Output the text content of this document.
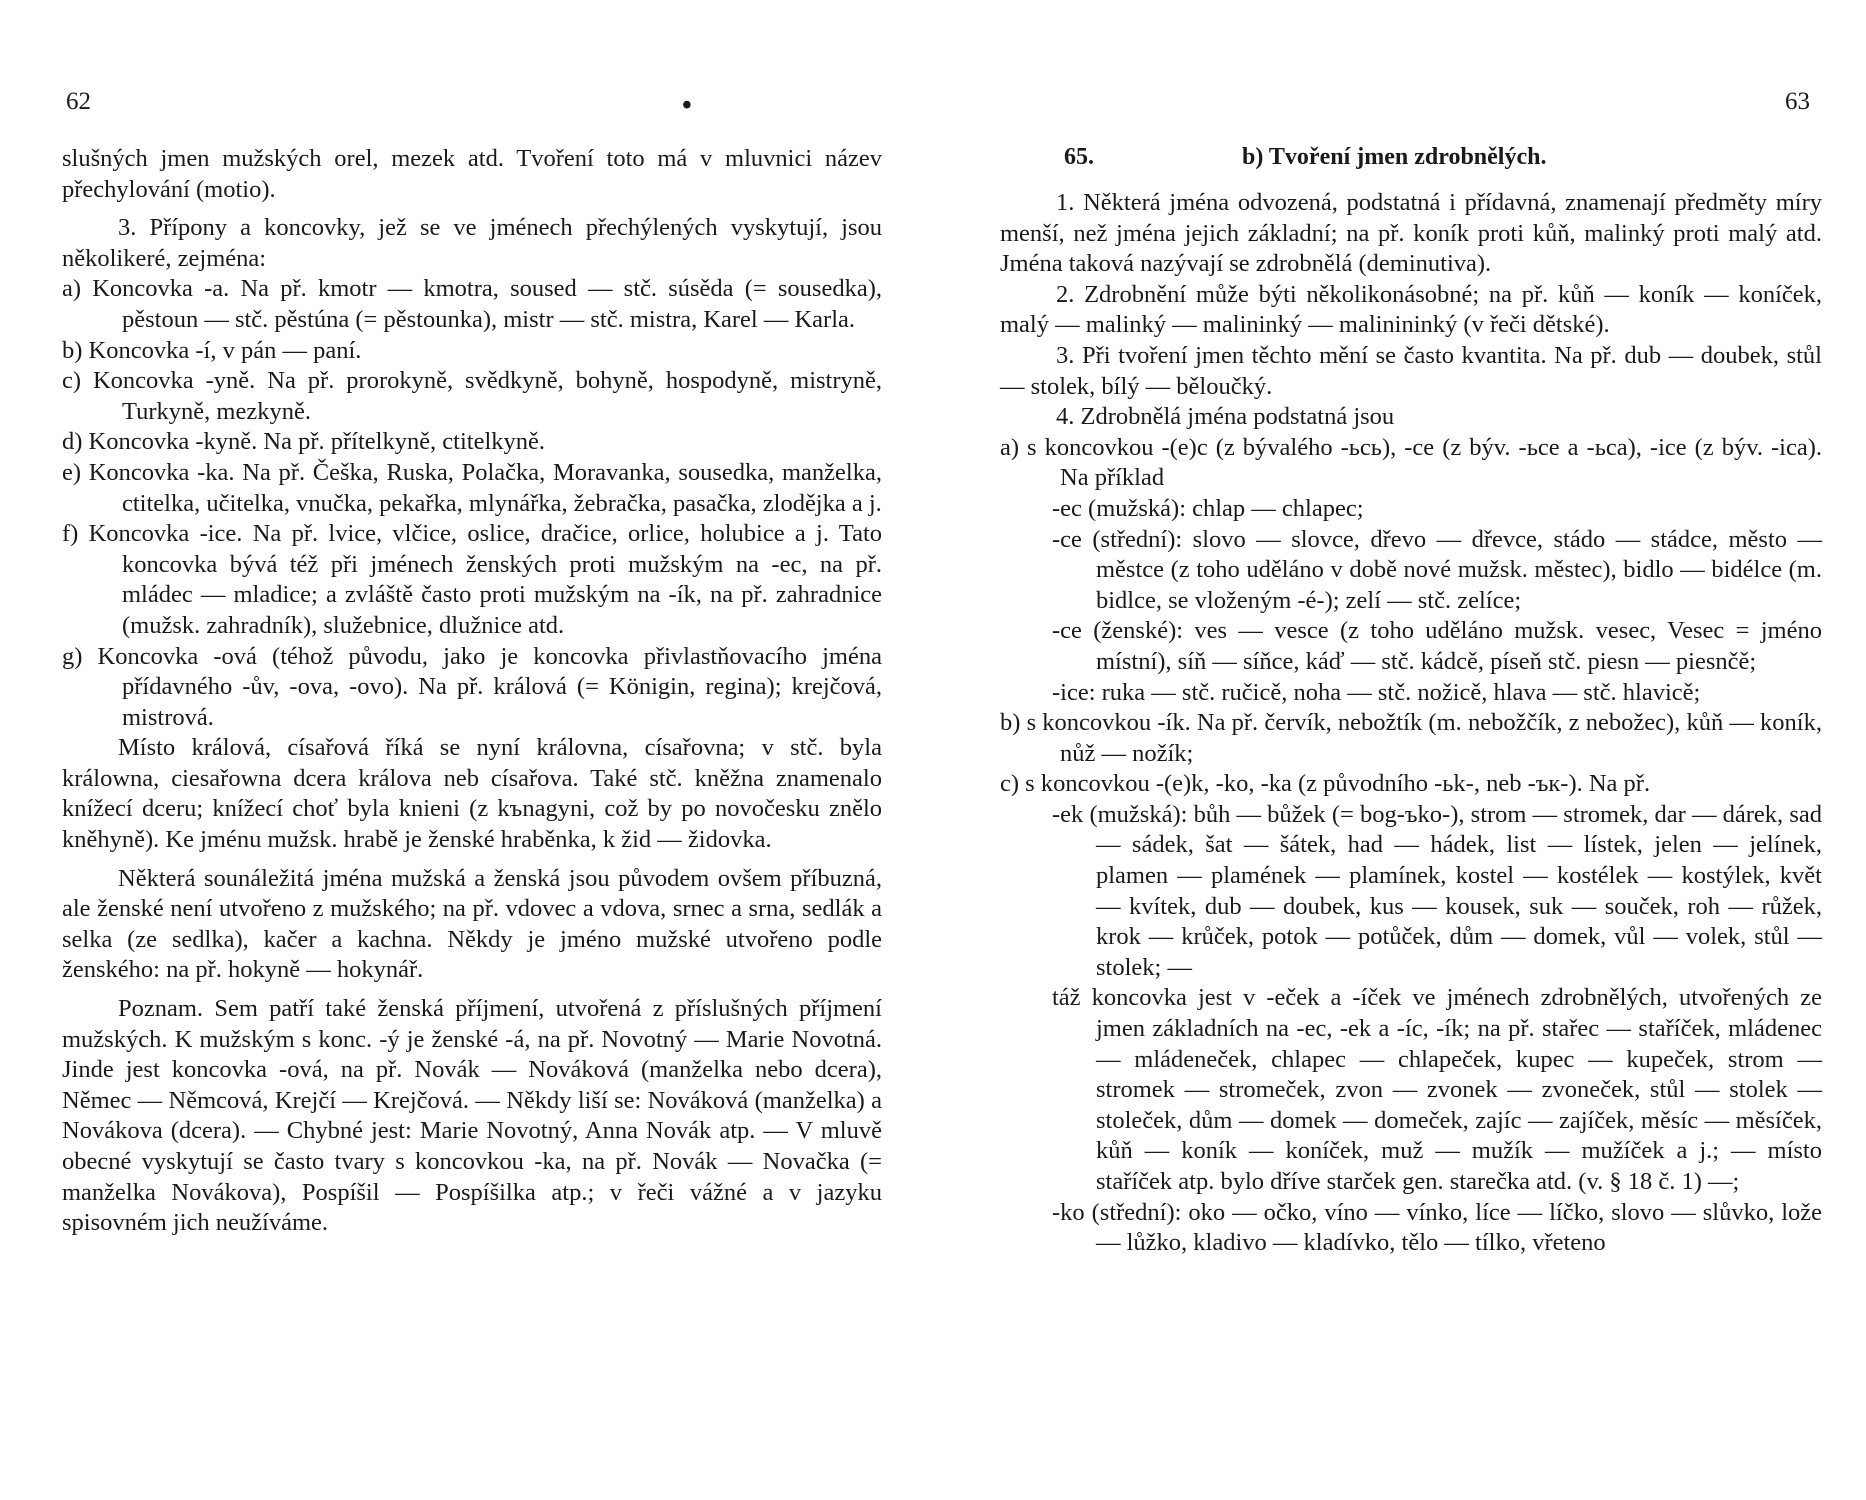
62	•

slušných jmen mužských orel, mezek atd. Tvoření toto má v mluvnici název přechylování (motio).

3. Přípony a koncovky, jež se ve jménech přechýlených vyskytují, jsou několikeré, zejména:

a) Koncovka -a. Na př. kmotr — kmotra, soused — stč. súsěda (= sousedka), pěstoun — stč. pěstúna (= pěstounka), mistr — stč. mistra, Karel — Karla.

b) Koncovka -í, v pán — paní.

c) Koncovka -yně. Na př. prorokyně, svědkyně, bohyně, hospodyně, mistryně, Turkyně, mezkyně.

d) Koncovka -kyně. Na př. přítelkyně, ctitelkyně.

e) Koncovka -ka. Na př. Češka, Ruska, Polačka, Moravanka, sousedka, manželka, ctitelka, učitelka, vnučka, pekařka, mlynářka, žebračka, pasačka, zlodějka a j.

f) Koncovka -ice. Na př. lvice, vlčice, oslice, dračice, orlice, holubice a j. Tato koncovka bývá též při jménech ženských proti mužským na -ec, na př. mládec — mladice; a zvláště často proti mužským na -ík, na př. zahradnice (mužsk. zahradník), služebnice, dlužnice atd.

g) Koncovka -ová (téhož původu, jako je koncovka přivlastňovacího jména přídavného -ův, -ova, -ovo). Na př. králová (= Königin, regina); krejčová, mistrová.

Místo králová, císařová říká se nyní královna, císařovna; v stč. byla králowna, ciesařowna dcera králova neb císařova. Také stč. kněžna znamenalo knížecí dceru; knížecí choť byla knieni (z kъnagyni, což by po novočesku znělo kněhyně). Ke jménu mužsk. hrabě je ženské hraběnka, k žid — židovka.

Některá sounáležitá jména mužská a ženská jsou původem ovšem příbuzná, ale ženské není utvořeno z mužského; na př. vdovec a vdova, srnec a srna, sedlák a selka (ze sedlka), kačer a kachna. Někdy je jméno mužské utvořeno podle ženského: na př. hokyně — hokynář.

Poznam. Sem patří také ženská příjmení, utvořená z příslušných příjmení mužských. K mužským s konc. -ý je ženské -á, na př. Novotný — Marie Novotná. Jinde jest koncovka -ová, na př. Novák — Nováková (manželka nebo dcera), Němec — Němcová, Krejčí — Krejčová. — Někdy liší se: Nováková (manželka) a Novákova (dcera). — Chybné jest: Marie Novotný, Anna Novák atp. — V mluvě obecné vyskytují se často tvary s koncovkou -ka, na př. Novák — Novačka (= manželka Novákova), Pospíšil — Pospíšilka atp.; v řeči vážné a v jazyku spisovném jich neužíváme.

63
65.	b) Tvoření jmen zdrobnělých.

1. Některá jména odvozená, podstatná i přídavná, znamenají předměty míry menší, než jména jejich základní; na př. koník proti kůň, malinký proti malý atd. Jména taková nazývají se zdrobnělá (deminutiva).

2. Zdrobnění může býti několikonásobné; na př. kůň — koník — koníček, malý — malinký — malininký — malinininký (v řeči dětské).

3. Při tvoření jmen těchto mění se často kvantita. Na př. dub — doubek, stůl — stolek, bílý — běloučký.

4. Zdrobnělá jména podstatná jsou

a) s koncovkou -(e)c (z bývalého -ьcь), -ce (z býv. -ьce a -ьca), -ice (z býv. -ica). Na příklad

-ec (mužská): chlap — chlapec;

-ce (střední): slovo — slovce, dřevo — dřevce, stádo — stádce, město — městce (z toho uděláno v době nové mužsk. městec), bidlo — bidélce (m. bidlce, se vloženým -é-); zelí — stč. zelíce;

-ce (ženské): ves — vesce (z toho uděláno mužsk. vesec, Vesec = jméno místní), síň — síňce, káď — stč. kádcě, píseň stč. piesn — piesnčě;

-ice: ruka — stč. ručicě, noha — stč. nožicě, hlava — stč. hlavicě;

b) s koncovkou -ík. Na př. červík, nebožtík (m. nebožčík, z nebožec), kůň — koník, nůž — nožík;

c) s koncovkou -(e)k, -ko, -ka (z původního -ьk-, neb -ък-). Na př.

-ek (mužská): bůh — bůžek (= bog-ъko-), strom — stromek, dar — dárek, sad — sádek, šat — šátek, had — hádek, list — lístek, jelen — jelínek, plamen — plamének — plamínek, kostel — kostélek — kostýlek, květ — kvítek, dub — doubek, kus — kousek, suk — souček, roh — růžek, krok — krůček, potok — potůček, dům — domek, vůl — volek, stůl — stolek; —

táž koncovka jest v -eček a -íček ve jménech zdrobnělých, utvořených ze jmen základních na -ec, -ek a -íc, -ík; na př. stařec — staříček, mládenec — mládeneček, chlapec — chlapeček, kupec — kupeček, strom — stromek — stromeček, zvon — zvonek — zvoneček, stůl — stolek — stoleček, dům — domek — domeček, zajíc — zajíček, měsíc — měsíček, kůň — koník — koníček, muž — mužík — mužíček a j.; — místo staříček atp. bylo dříve starček gen. starečka atd. (v. § 18 č. 1) —;

-ko (střední): oko — očko, víno — vínko, líce — líčko, slovo — slůvko, lože — lůžko, kladivo — kladívko, tělo — tílko, vřeteno
